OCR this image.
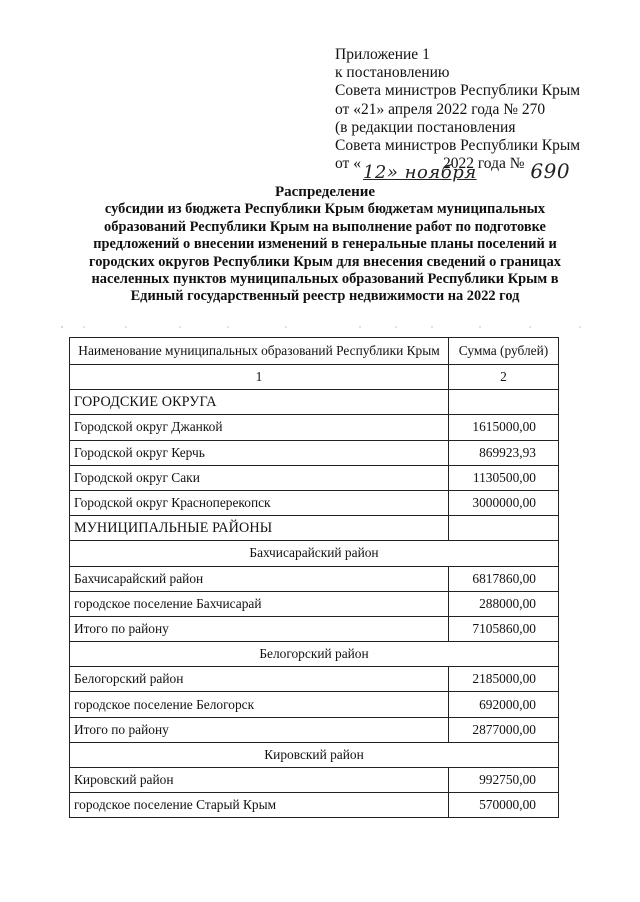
Приложение 1
к постановлению
Совета министров Республики Крым
от «21» апреля 2022 года № 270
(в редакции постановления
Совета министров Республики Крым
от « 12» ноября
2022 года № 690
Распределение
субсидии из бюджета Республики Крым бюджетам муниципальных
образований Республики Крым на выполнение работ по подготовке
предложений о внесении изменений в генеральные планы поселений и
городских округов Республики Крым для внесения сведений о границах
населенных пунктов муниципальных образований Республики Крым в
Единый государственный реестр недвижимости на 2022 год
Наименование муниципальных образований Республики Крым	Сумма (рублей)
1	2
ГОРОДСКИЕ ОКРУГА	
Городской округ Джанкой	1615000,00
Городской округ Керчь	869923,93
Городской округ Саки	1130500,00
Городской округ Красноперекопск	3000000,00
МУНИЦИПАЛЬНЫЕ РАЙОНЫ	
Бахчисарайский район	
Бахчисарайский район	6817860,00
городское поселение Бахчисарай	288000,00
Итого по району	7105860,00
Белогорский район	
Белогорский район	2185000,00
городское поселение Белогорск	692000,00
Итого по району	2877000,00
Кировский район	
Кировский район	992750,00
городское поселение Старый Крым	570000,00
